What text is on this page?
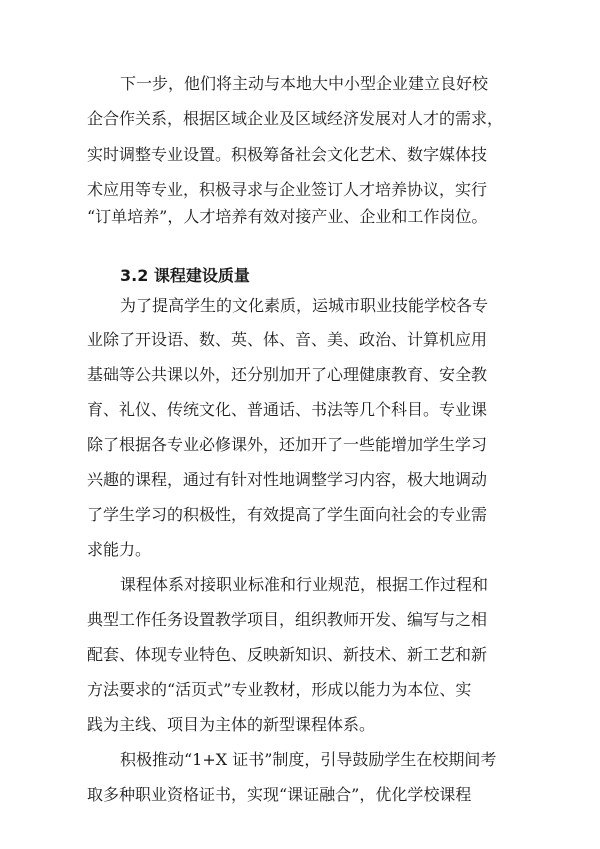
下一步，他们将主动与本地大中小型企业建立良好校
企合作关系，根据区域企业及区域经济发展对人才的需求，
实时调整专业设置。积极筹备社会文化艺术、数字媒体技
术应用等专业，积极寻求与企业签订人才培养协议，实行
“订单培养”，人才培养有效对接产业、企业和工作岗位。
3.2 课程建设质量
为了提高学生的文化素质，运城市职业技能学校各专
业除了开设语、数、英、体、音、美、政治、计算机应用
基础等公共课以外，还分别加开了心理健康教育、安全教
育、礼仪、传统文化、普通话、书法等几个科目。专业课
除了根据各专业必修课外，还加开了一些能增加学生学习
兴趣的课程，通过有针对性地调整学习内容，极大地调动
了学生学习的积极性，有效提高了学生面向社会的专业需
求能力。
课程体系对接职业标准和行业规范，根据工作过程和
典型工作任务设置教学项目，组织教师开发、编写与之相
配套、体现专业特色、反映新知识、新技术、新工艺和新
方法要求的“活页式”专业教材，形成以能力为本位、实
践为主线、项目为主体的新型课程体系。
积极推动“1+X 证书”制度，引导鼓励学生在校期间考
取多种职业资格证书，实现“课证融合”，优化学校课程
